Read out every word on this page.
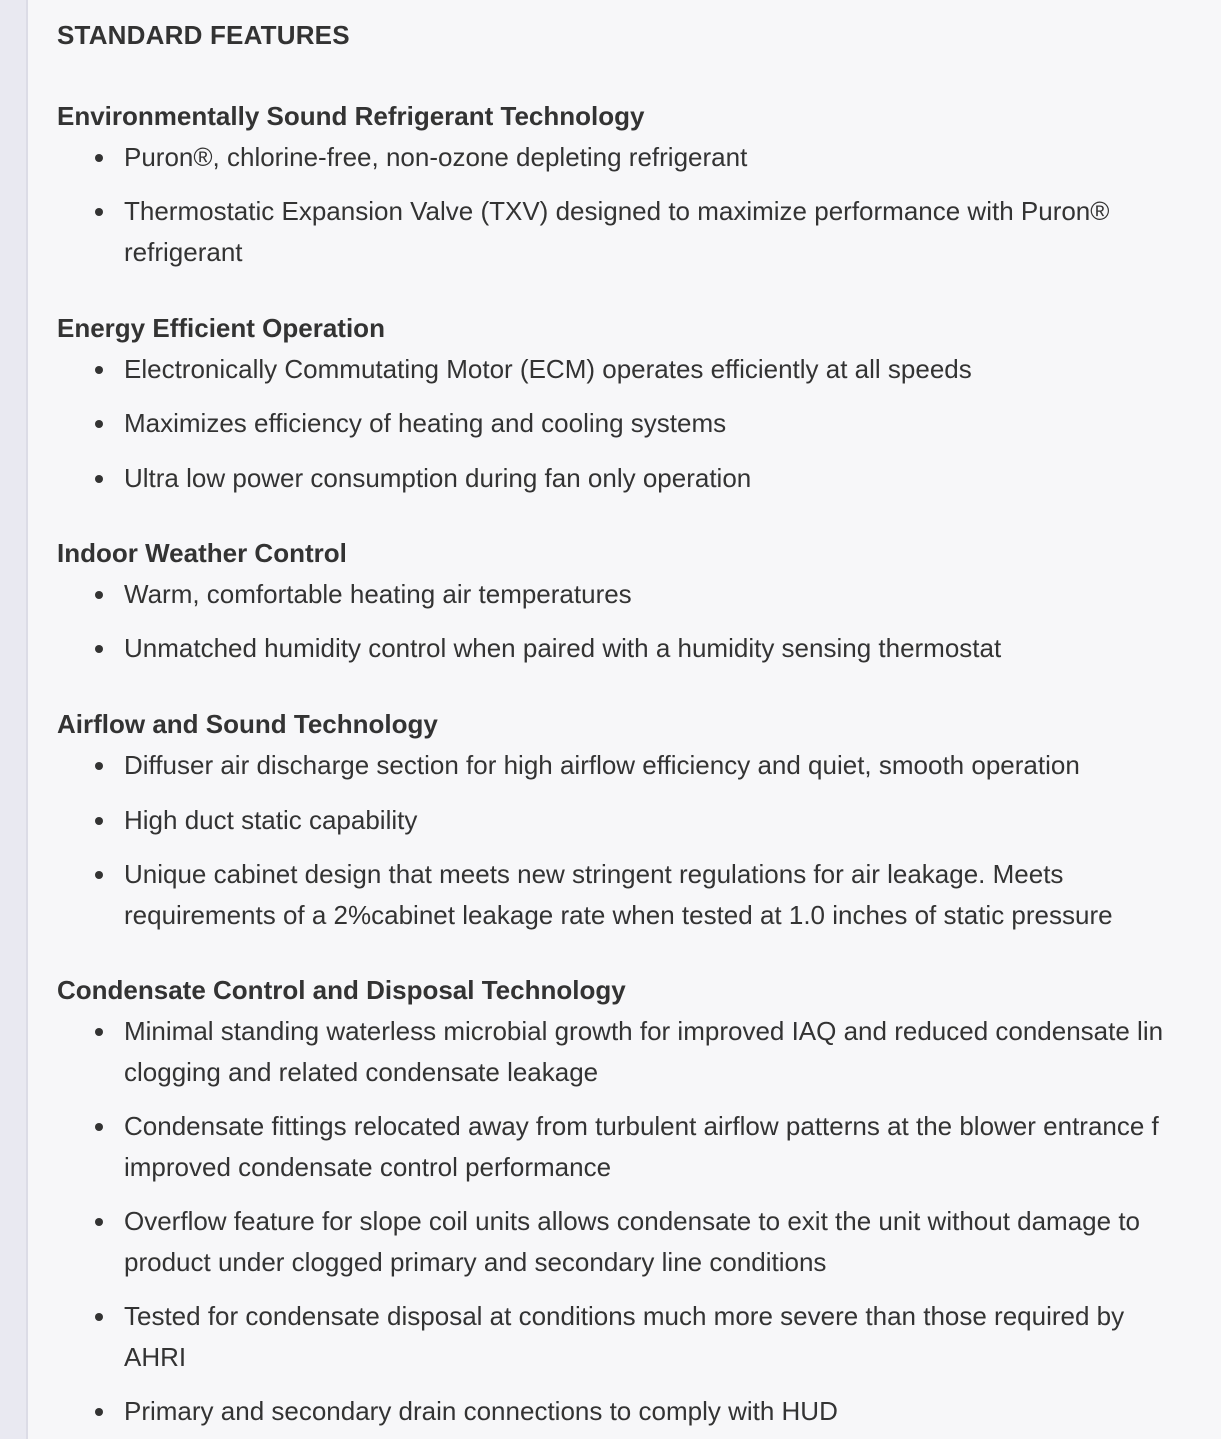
STANDARD FEATURES
Environmentally Sound Refrigerant Technology
Puron®, chlorine-free, non-ozone depleting refrigerant
Thermostatic Expansion Valve (TXV) designed to maximize performance with Puron®
refrigerant
Energy Efficient Operation
Electronically Commutating Motor (ECM) operates efficiently at all speeds
Maximizes efficiency of heating and cooling systems
Ultra low power consumption during fan only operation
Indoor Weather Control
Warm, comfortable heating air temperatures
Unmatched humidity control when paired with a humidity sensing thermostat
Airflow and Sound Technology
Diffuser air discharge section for high airflow efficiency and quiet, smooth operation
High duct static capability
Unique cabinet design that meets new stringent regulations for air leakage. Meets
requirements of a 2%cabinet leakage rate when tested at 1.0 inches of static pressure
Condensate Control and Disposal Technology
Minimal standing waterless microbial growth for improved IAQ and reduced condensate lin
clogging and related condensate leakage
Condensate fittings relocated away from turbulent airflow patterns at the blower entrance f
improved condensate control performance
Overflow feature for slope coil units allows condensate to exit the unit without damage to
product under clogged primary and secondary line conditions
Tested for condensate disposal at conditions much more severe than those required by
AHRI
Primary and secondary drain connections to comply with HUD
